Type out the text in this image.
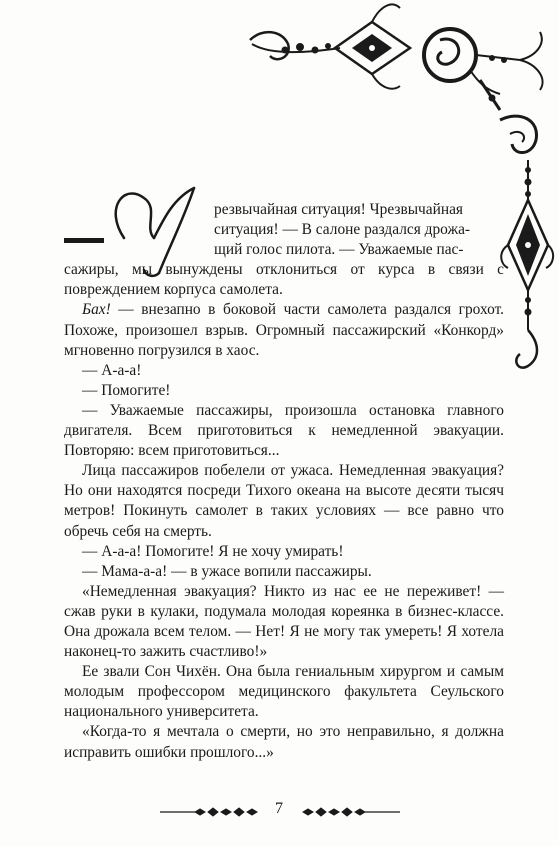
резвычайная ситуация! Чрезвычайная
ситуация! — В салоне раздался дрожа-
щий голос пилота. — Уважаемые пас-
сажиры, мы вынуждены отклониться от курса в связи с повреждением корпуса самолета.

Бах! — внезапно в боковой части самолета раздался грохот. Похоже, произошел взрыв. Огромный пассажирский «Конкорд» мгновенно погрузился в хаос.

— А-а-а!

— Помогите!

— Уважаемые пассажиры, произошла остановка главного двигателя. Всем приготовиться к немедленной эвакуации. Повторяю: всем приготовиться...

Лица пассажиров побелели от ужаса. Немедленная эвакуация? Но они находятся посреди Тихого океана на высоте десяти тысяч метров! Покинуть самолет в таких условиях — все равно что обречь себя на смерть.

— А-а-а! Помогите! Я не хочу умирать!

— Мама-а-а! — в ужасе вопили пассажиры.

«Немедленная эвакуация? Никто из нас ее не переживет! — сжав руки в кулаки, подумала молодая кореянка в бизнес-классе. Она дрожала всем телом. — Нет! Я не могу так умереть! Я хотела наконец-то зажить счастливо!»

Ее звали Сон Чихён. Она была гениальным хирургом и самым молодым профессором медицинского факультета Сеульского национального университета.

«Когда-то я мечтала о смерти, но это неправильно, я должна исправить ошибки прошлого...»

7
